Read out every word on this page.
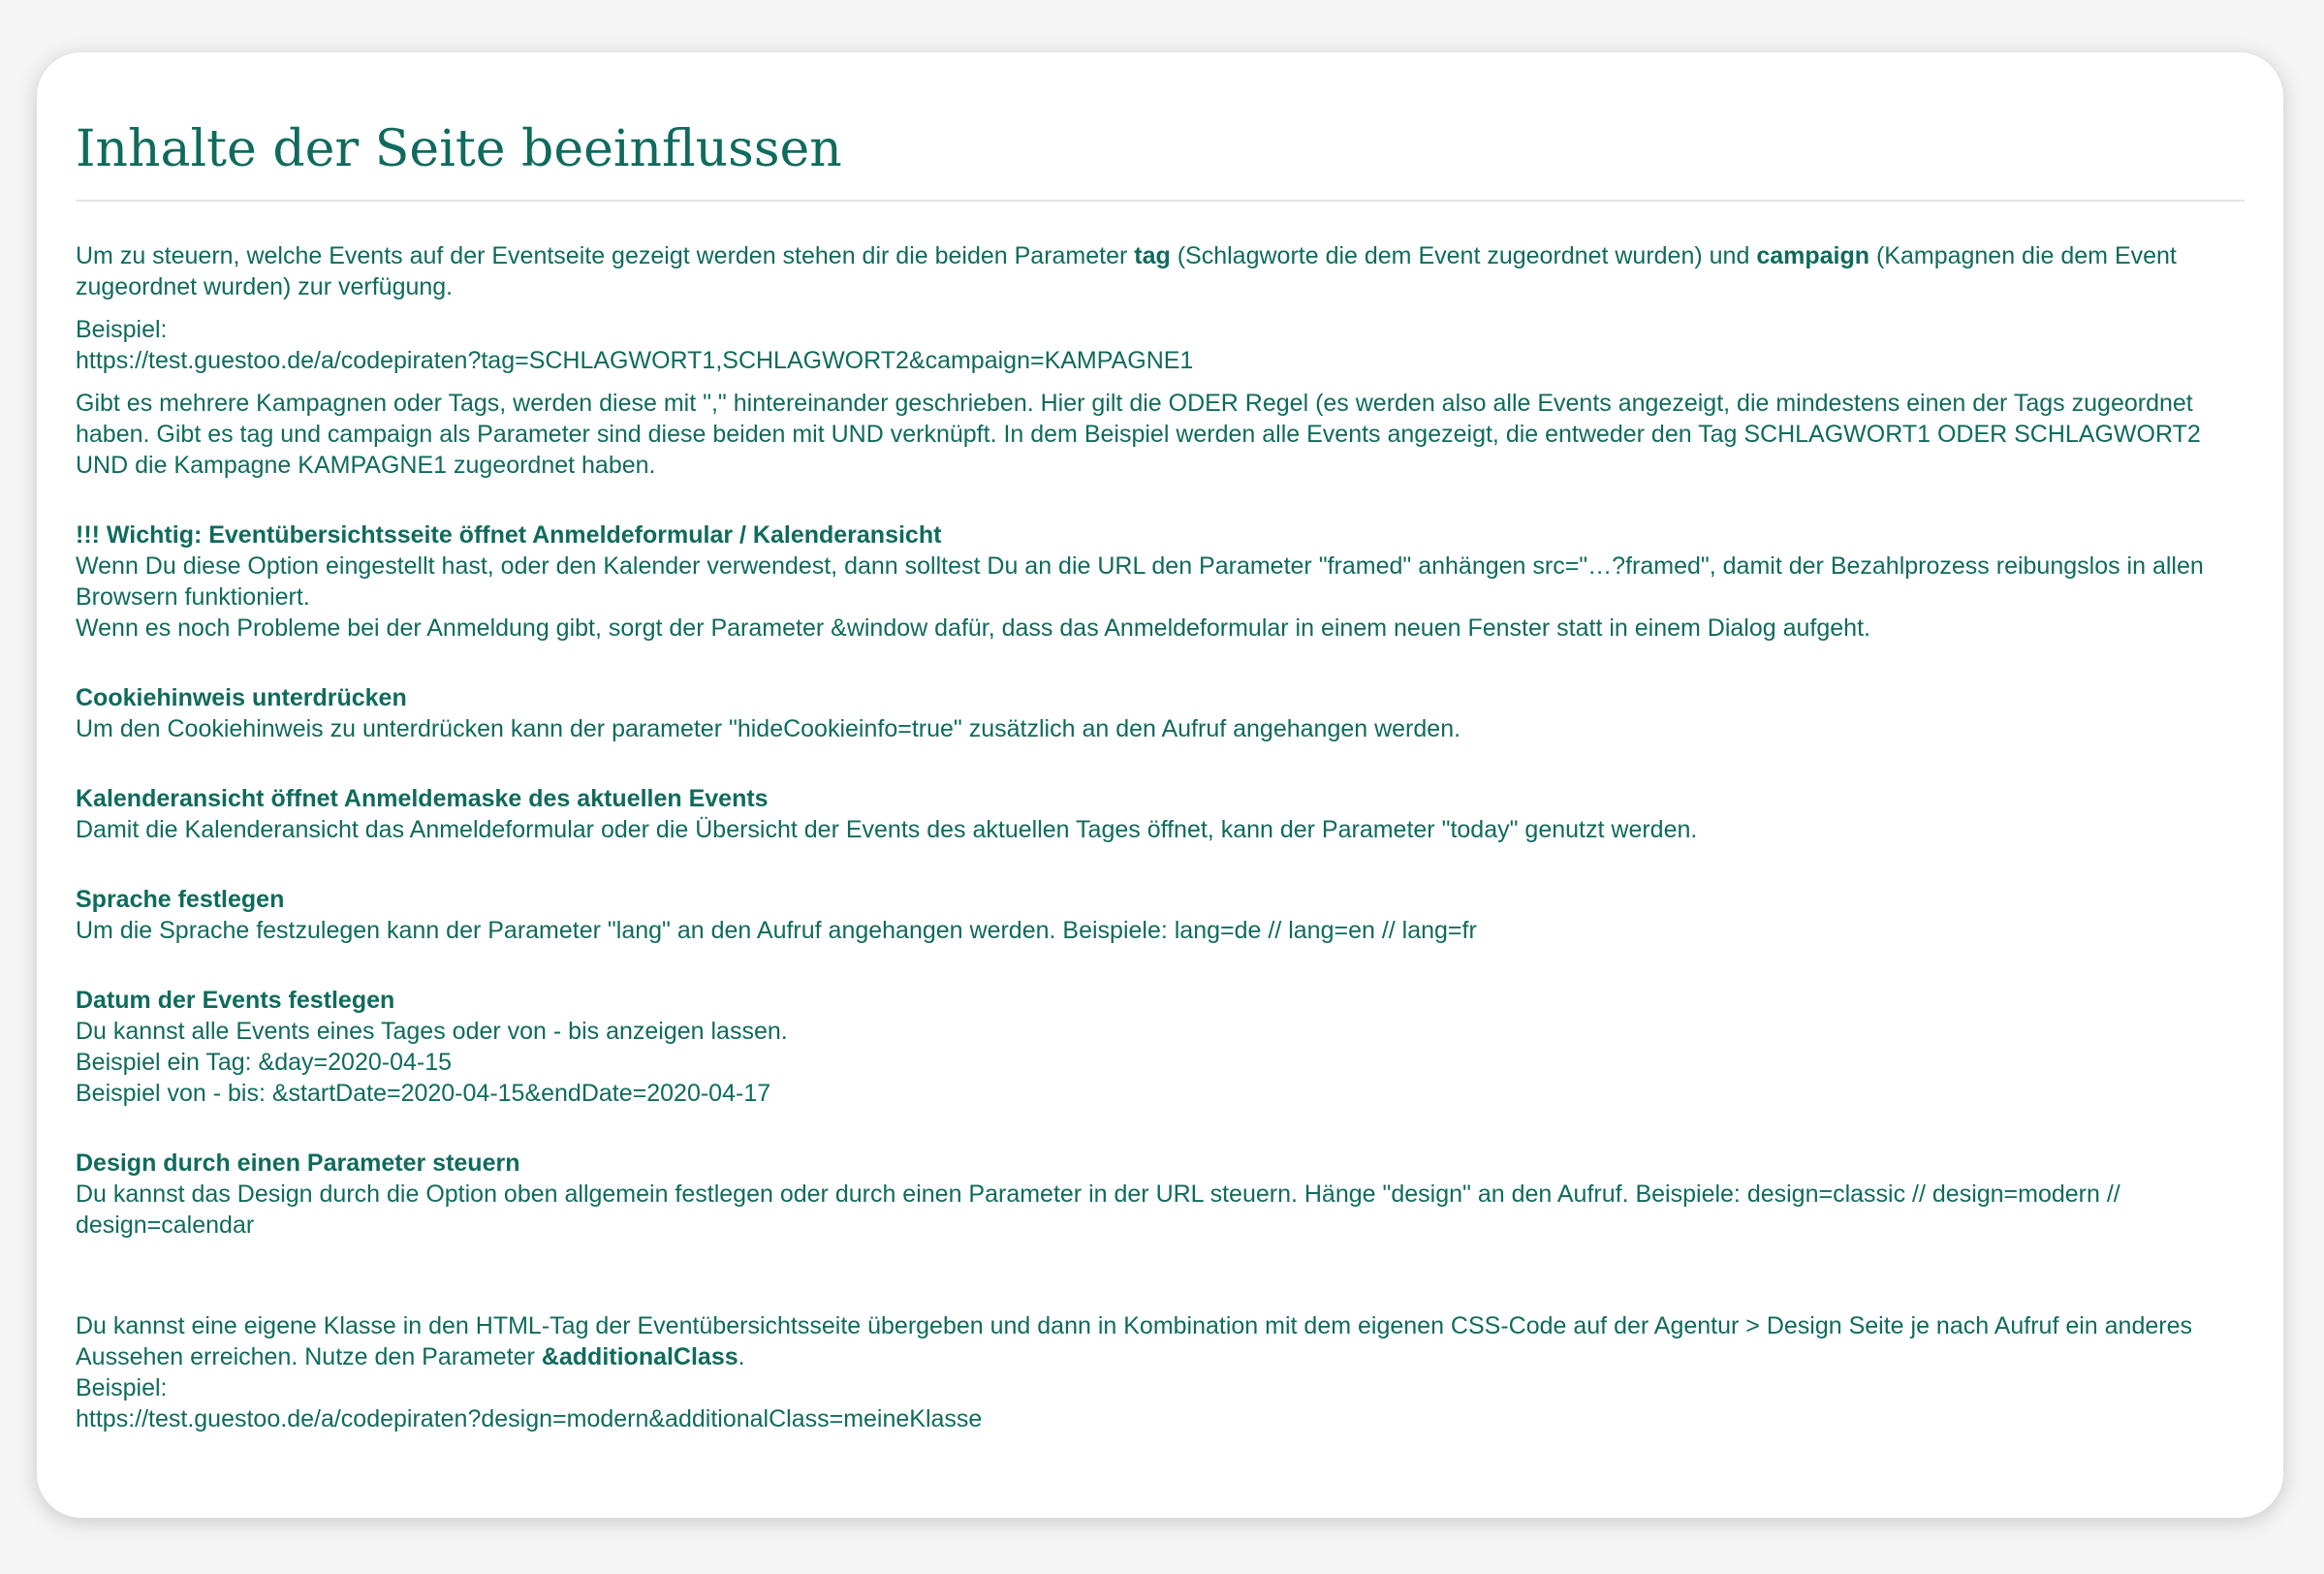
Inhalte der Seite beeinflussen

Um zu steuern, welche Events auf der Eventseite gezeigt werden stehen dir die beiden Parameter tag (Schlagworte die dem Event zugeordnet wurden) und campaign (Kampagnen die dem Event zugeordnet wurden) zur verfügung.

Beispiel:
https://test.guestoo.de/a/codepiraten?tag=SCHLAGWORT1,SCHLAGWORT2&campaign=KAMPAGNE1

Gibt es mehrere Kampagnen oder Tags, werden diese mit "," hintereinander geschrieben. Hier gilt die ODER Regel (es werden also alle Events angezeigt, die mindestens einen der Tags zugeordnet haben. Gibt es tag und campaign als Parameter sind diese beiden mit UND verknüpft. In dem Beispiel werden alle Events angezeigt, die entweder den Tag SCHLAGWORT1 ODER SCHLAGWORT2 UND die Kampagne KAMPAGNE1 zugeordnet haben.

!!! Wichtig: Eventübersichtsseite öffnet Anmeldeformular / Kalenderansicht
Wenn Du diese Option eingestellt hast, oder den Kalender verwendest, dann solltest Du an die URL den Parameter "framed" anhängen src="…?framed", damit der Bezahlprozess reibungslos in allen Browsern funktioniert.
Wenn es noch Probleme bei der Anmeldung gibt, sorgt der Parameter &window dafür, dass das Anmeldeformular in einem neuen Fenster statt in einem Dialog aufgeht.

Cookiehinweis unterdrücken
Um den Cookiehinweis zu unterdrücken kann der parameter "hideCookieinfo=true" zusätzlich an den Aufruf angehangen werden.

Kalenderansicht öffnet Anmeldemaske des aktuellen Events
Damit die Kalenderansicht das Anmeldeformular oder die Übersicht der Events des aktuellen Tages öffnet, kann der Parameter "today" genutzt werden.

Sprache festlegen
Um die Sprache festzulegen kann der Parameter "lang" an den Aufruf angehangen werden. Beispiele: lang=de // lang=en // lang=fr

Datum der Events festlegen
Du kannst alle Events eines Tages oder von - bis anzeigen lassen.
Beispiel ein Tag: &day=2020-04-15
Beispiel von - bis: &startDate=2020-04-15&endDate=2020-04-17

Design durch einen Parameter steuern
Du kannst das Design durch die Option oben allgemein festlegen oder durch einen Parameter in der URL steuern. Hänge "design" an den Aufruf. Beispiele: design=classic // design=modern // design=calendar

Du kannst eine eigene Klasse in den HTML-Tag der Eventübersichtsseite übergeben und dann in Kombination mit dem eigenen CSS-Code auf der Agentur > Design Seite je nach Aufruf ein anderes Aussehen erreichen. Nutze den Parameter &additionalClass.
Beispiel:
https://test.guestoo.de/a/codepiraten?design=modern&additionalClass=meineKlasse
